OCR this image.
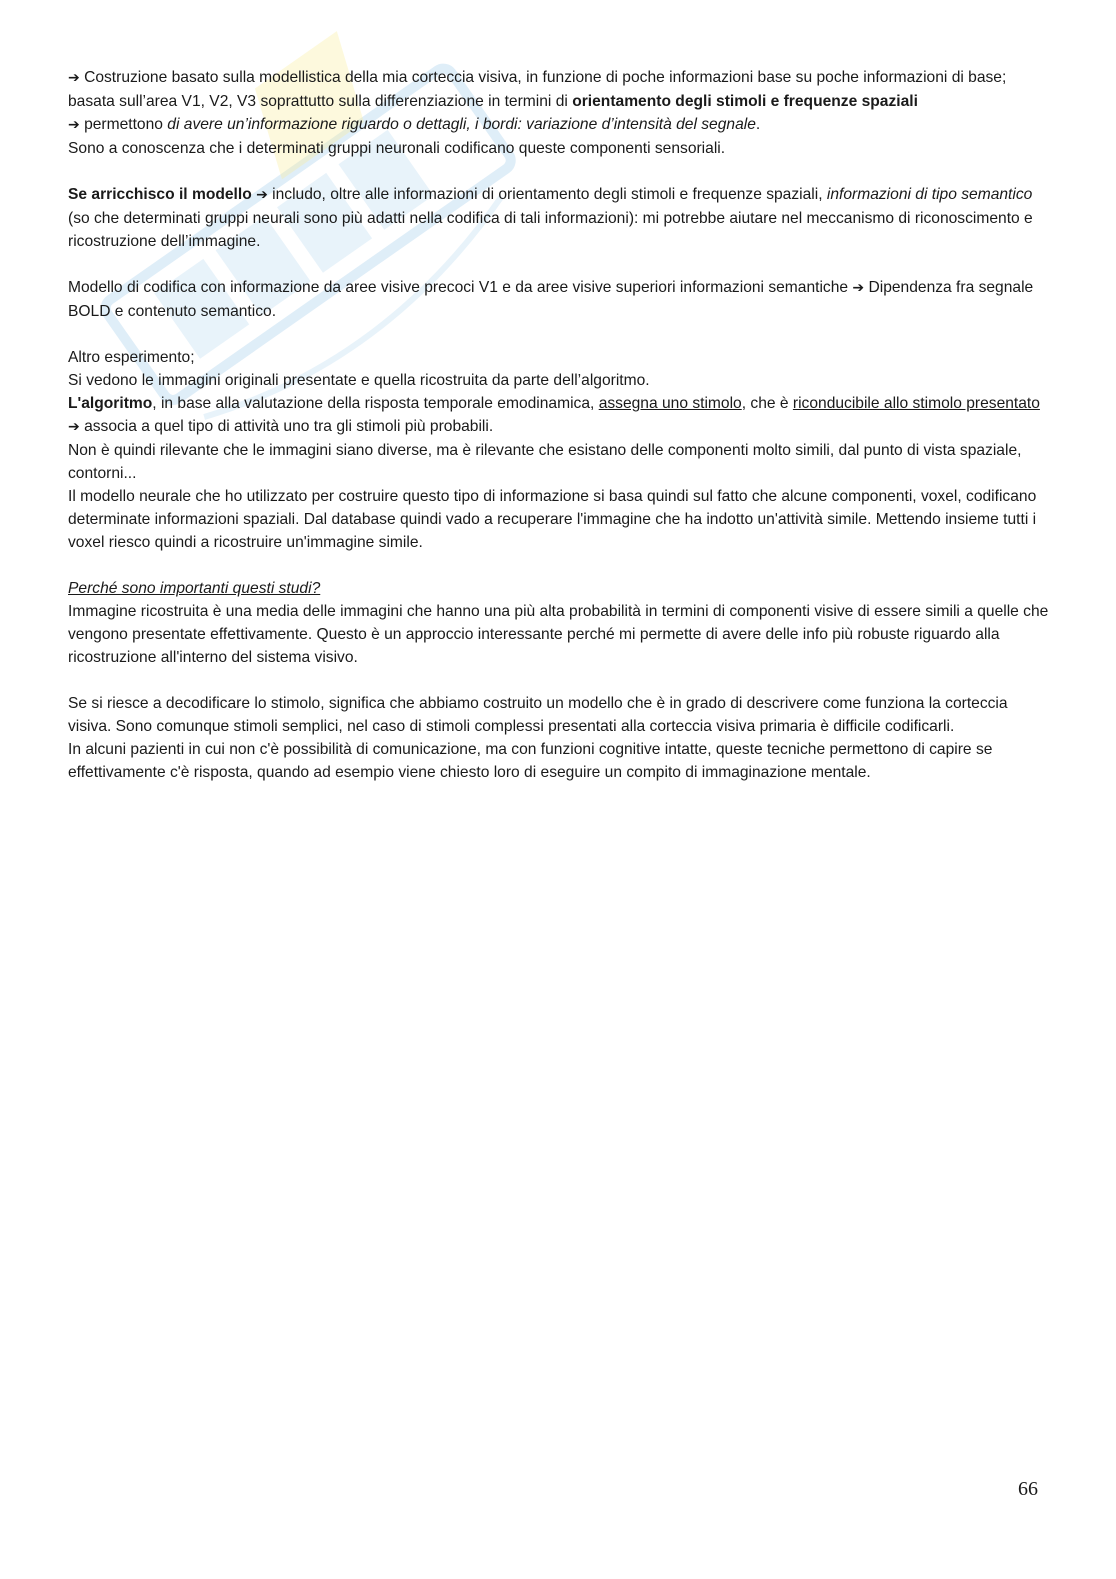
➔ Costruzione basato sulla modellistica della mia corteccia visiva, in funzione di poche informazioni base su poche informazioni di base; basata sull’area V1, V2, V3 soprattutto sulla differenziazione in termini di orientamento degli stimoli e frequenze spaziali
➔ permettono di avere un’informazione riguardo o dettagli, i bordi: variazione d’intensità del segnale.

Sono a conoscenza che i determinati gruppi neuronali codificano queste componenti sensoriali.

Se arricchisco il modello ➔ includo, oltre alle informazioni di orientamento degli stimoli e frequenze spaziali, informazioni di tipo semantico (so che determinati gruppi neurali sono più adatti nella codifica di tali informazioni): mi potrebbe aiutare nel meccanismo di riconoscimento e ricostruzione dell’immagine.

Modello di codifica con informazione da aree visive precoci V1 e da aree visive superiori informazioni semantiche ➔ Dipendenza fra segnale BOLD e contenuto semantico.

Altro esperimento;

Si vedono le immagini originali presentate e quella ricostruita da parte dell’algoritmo.

L'algoritmo, in base alla valutazione della risposta temporale emodinamica, assegna uno stimolo, che è riconducibile allo stimolo presentato ➔ associa a quel tipo di attività uno tra gli stimoli più probabili.

Non è quindi rilevante che le immagini siano diverse, ma è rilevante che esistano delle componenti molto simili, dal punto di vista spaziale, contorni...

Il modello neurale che ho utilizzato per costruire questo tipo di informazione si basa quindi sul fatto che alcune componenti, voxel, codificano determinate informazioni spaziali. Dal database quindi vado a recuperare l'immagine che ha indotto un'attività simile. Mettendo insieme tutti i voxel riesco quindi a ricostruire un'immagine simile.

Perché sono importanti questi studi?

Immagine ricostruita è una media delle immagini che hanno una più alta probabilità in termini di componenti visive di essere simili a quelle che vengono presentate effettivamente. Questo è un approccio interessante perché mi permette di avere delle info più robuste riguardo alla ricostruzione all'interno del sistema visivo.

Se si riesce a decodificare lo stimolo, significa che abbiamo costruito un modello che è in grado di descrivere come funziona la corteccia visiva. Sono comunque stimoli semplici, nel caso di stimoli complessi presentati alla corteccia visiva primaria è difficile codificarli.

In alcuni pazienti in cui non c'è possibilità di comunicazione, ma con funzioni cognitive intatte, queste tecniche permettono di capire se effettivamente c'è risposta, quando ad esempio viene chiesto loro di eseguire un compito di immaginazione mentale.

66
